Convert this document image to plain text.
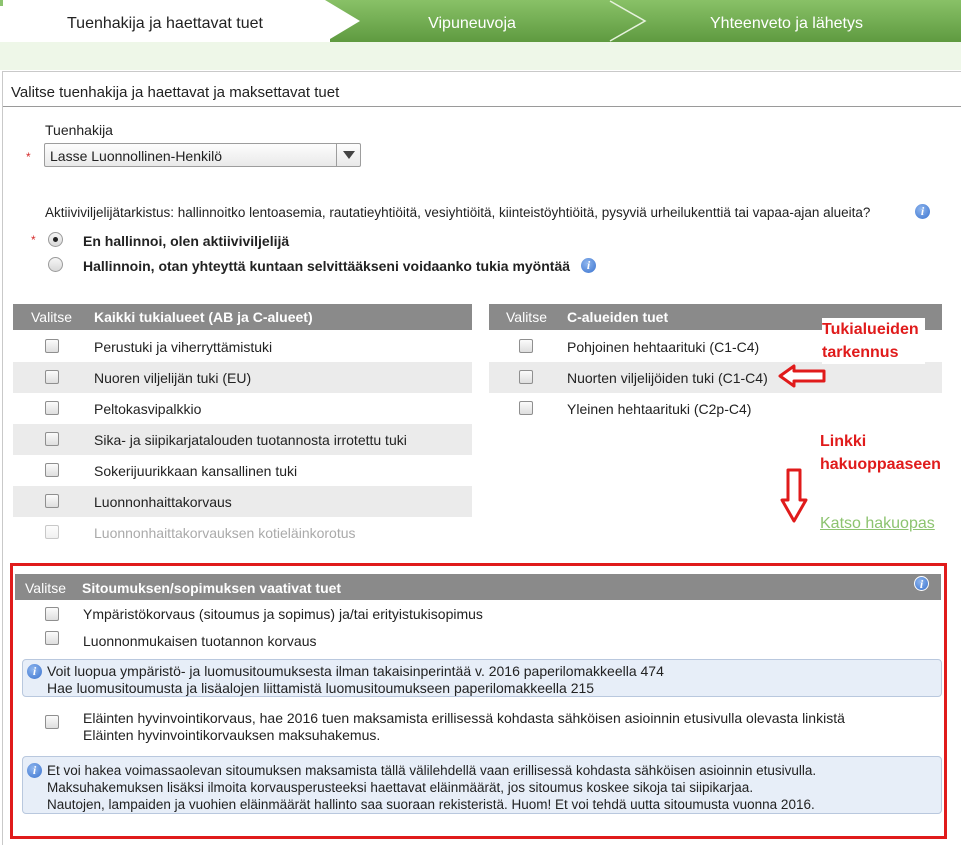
Tuenhakija ja haettavat tuet	Vipuneuvoja	Yhteenveto ja lähetys
Valitse tuenhakija ja haettavat ja maksettavat tuet
Tuenhakija
*	Lasse Luonnollinen-Henkilö
Aktiiviviljelijätarkistus: hallinnoitko lentoasemia, rautatieyhtiöitä, vesiyhtiöitä, kiinteistöyhtiöitä, pysyviä urheilukenttiä tai vapaa-ajan alueita?	i
*	En hallinnoi, olen aktiiviviljelijä
Hallinnoin, otan yhteyttä kuntaan selvittääkseni voidaanko tukia myöntää	i
Valitse Kaikki tukialueet (AB ja C-alueet)
Perustuki ja viherryttämistuki
Nuoren viljelijän tuki (EU)
Peltokasvipalkkio
Sika- ja siipikarjatalouden tuotannosta irrotettu tuki
Sokerijuurikkaan kansallinen tuki
Luonnonhaittakorvaus
Luonnonhaittakorvauksen kotieläinkorotus
Valitse C-alueiden tuet
Pohjoinen hehtaarituki (C1-C4)
Nuorten viljelijöiden tuki (C1-C4)
Yleinen hehtaarituki (C2p-C4)
Tukialueiden
tarkennus
Linkki
hakuoppaaseen
Katso hakuopas
Valitse Sitoumuksen/sopimuksen vaativat tuet	i
Ympäristökorvaus (sitoumus ja sopimus) ja/tai erityistukisopimus
Luonnonmukaisen tuotannon korvaus
i Voit luopua ympäristö- ja luomusitoumuksesta ilman takaisinperintää v. 2016 paperilomakkeella 474
Hae luomusitoumusta ja lisäalojen liittamistä luomusitoumukseen paperilomakkeella 215
Eläinten hyvinvointikorvaus, hae 2016 tuen maksamista erillisessä kohdasta sähköisen asioinnin etusivulla olevasta linkistä
Eläinten hyvinvointikorvauksen maksuhakemus.
i Et voi hakea voimassaolevan sitoumuksen maksamista tällä välilehdellä vaan erillisessä kohdasta sähköisen asioinnin etusivulla.
Maksuhakemuksen lisäksi ilmoita korvausperusteeksi haettavat eläinmäärät, jos sitoumus koskee sikoja tai siipikarjaa.
Nautojen, lampaiden ja vuohien eläinmäärät hallinto saa suoraan rekisteristä. Huom! Et voi tehdä uutta sitoumusta vuonna 2016.
